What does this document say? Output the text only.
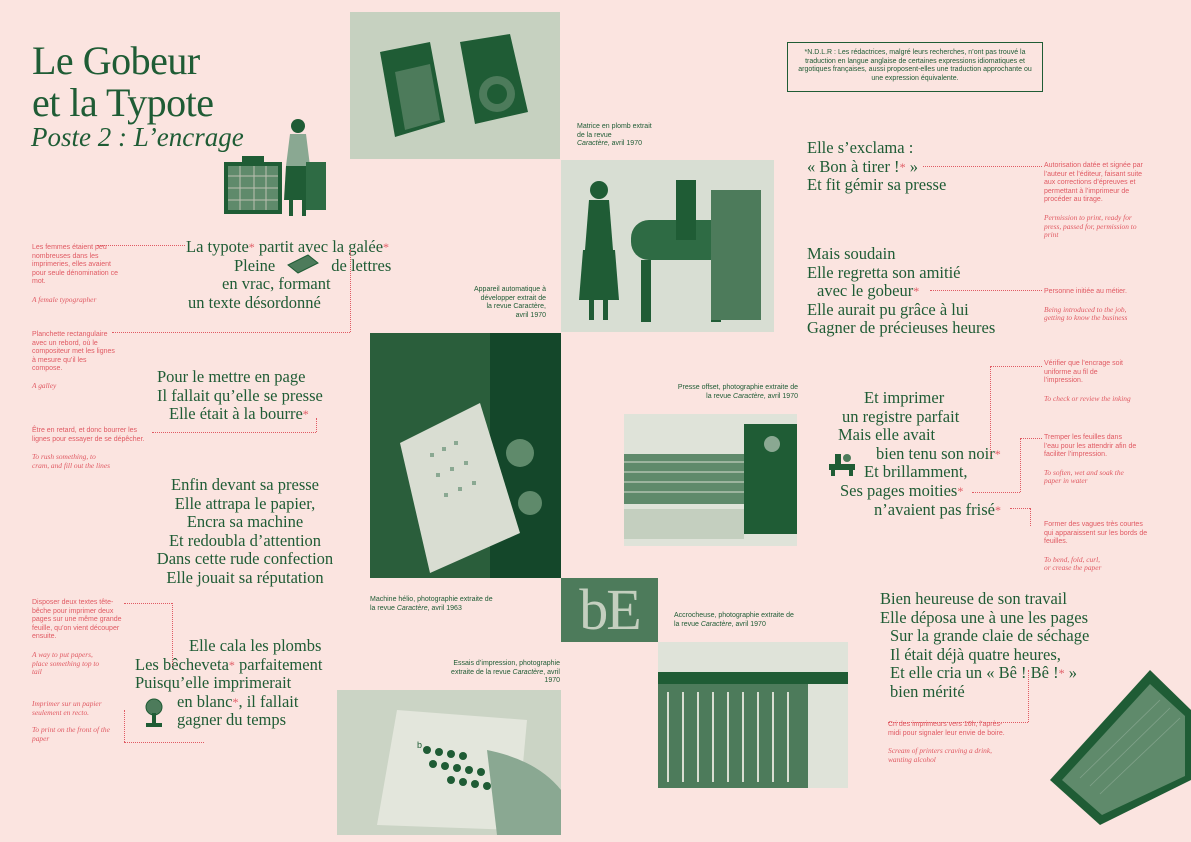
Le Gobeur
et la Typote
Poste 2 : L’encrage
*N.D.L.R : Les rédactrices, malgré leurs recherches, n’ont pas trouvé la traduction en langue anglaise de certaines expressions idiomatiques et argotiques françaises, aussi proposent-elles une traduction approchante ou une expression équivalente.
bE
b
La typote* partit avec la galée*
Pleine	de lettres
en vrac, formant
un texte désordonné
Pour le mettre en page
Il fallait qu’elle se presse
Elle était à la bourre*
Enfin devant sa presse
Elle attrapa le papier,
Encra sa machine
Et redoubla d’attention
Dans cette rude confection
Elle jouait sa réputation
Elle cala les plombs
Les bêcheveta* parfaitement
Puisqu’elle imprimerait
en blanc*, il fallait
gagner du temps
Elle s’exclama :
« Bon à tirer !* »
Et fit gémir sa presse
Mais soudain
Elle regretta son amitié
avec le gobeur*
Elle aurait pu grâce à lui
Gagner de précieuses heures
Et imprimer
un registre parfait
Mais elle avait
bien tenu son noir*
Et brillamment,
Ses pages moities*
n’avaient pas frisé*
Bien heureuse de son travail
Elle déposa une à une les pages
Sur la grande claie de séchage
Il était déjà quatre heures,
Et elle cria un « Bê ! Bê !* »
bien mérité
Les femmes étaient peu nombreuses dans les imprimeries, elles avaient pour seule dénomination ce mot.
A female typographer
Planchette rectangulaire avec un rebord, où le compositeur met les lignes à mesure qu’il les compose.
A galley
Être en retard, et donc bourrer les lignes pour essayer de se dépêcher.
To rush something, to cram, and fill out the lines
Disposer deux textes tête-bêche pour imprimer deux pages sur une même grande feuille, qu’on vient découper ensuite.
A way to put papers, place something top to tail
Imprimer sur un papier seulement en recto.
To print on the front of the paper
Autorisation datée et signée par l’auteur et l’éditeur, faisant suite aux corrections d’épreuves et permettant à l’imprimeur de procéder au tirage.
Permission to print, ready for press, passed for, permission to print
Personne initiée au métier.
Being introduced to the job, getting to know the business
Vérifier que l’encrage soit uniforme au fil de l’impression.
To check or review the inking
Tremper les feuilles dans l’eau pour les attendrir afin de faciliter l’impression.
To soften, wet and soak the paper in water
Former des vagues très courtes qui apparaissent sur les bords de feuilles.
To bend, fold, curl, or crease the paper
Cri des imprimeurs vers 16h, l’après-midi pour signaler leur envie de boire.
Scream of printers craving a drink, wanting alcohol
Matrice en plomb extrait de la revue
Caractère, avril 1970
Appareil automatique à développer extrait de la revue Caractère,
avril 1970
Presse offset, photographie extraite de la revue Caractère, avril 1970
Machine hélio, photographie extraite de la revue Caractère, avril 1963
Accrocheuse, photographie extraite de la revue Caractère, avril 1970
Essais d’impression, photographie extraite de la revue Caractère, avril 1970
